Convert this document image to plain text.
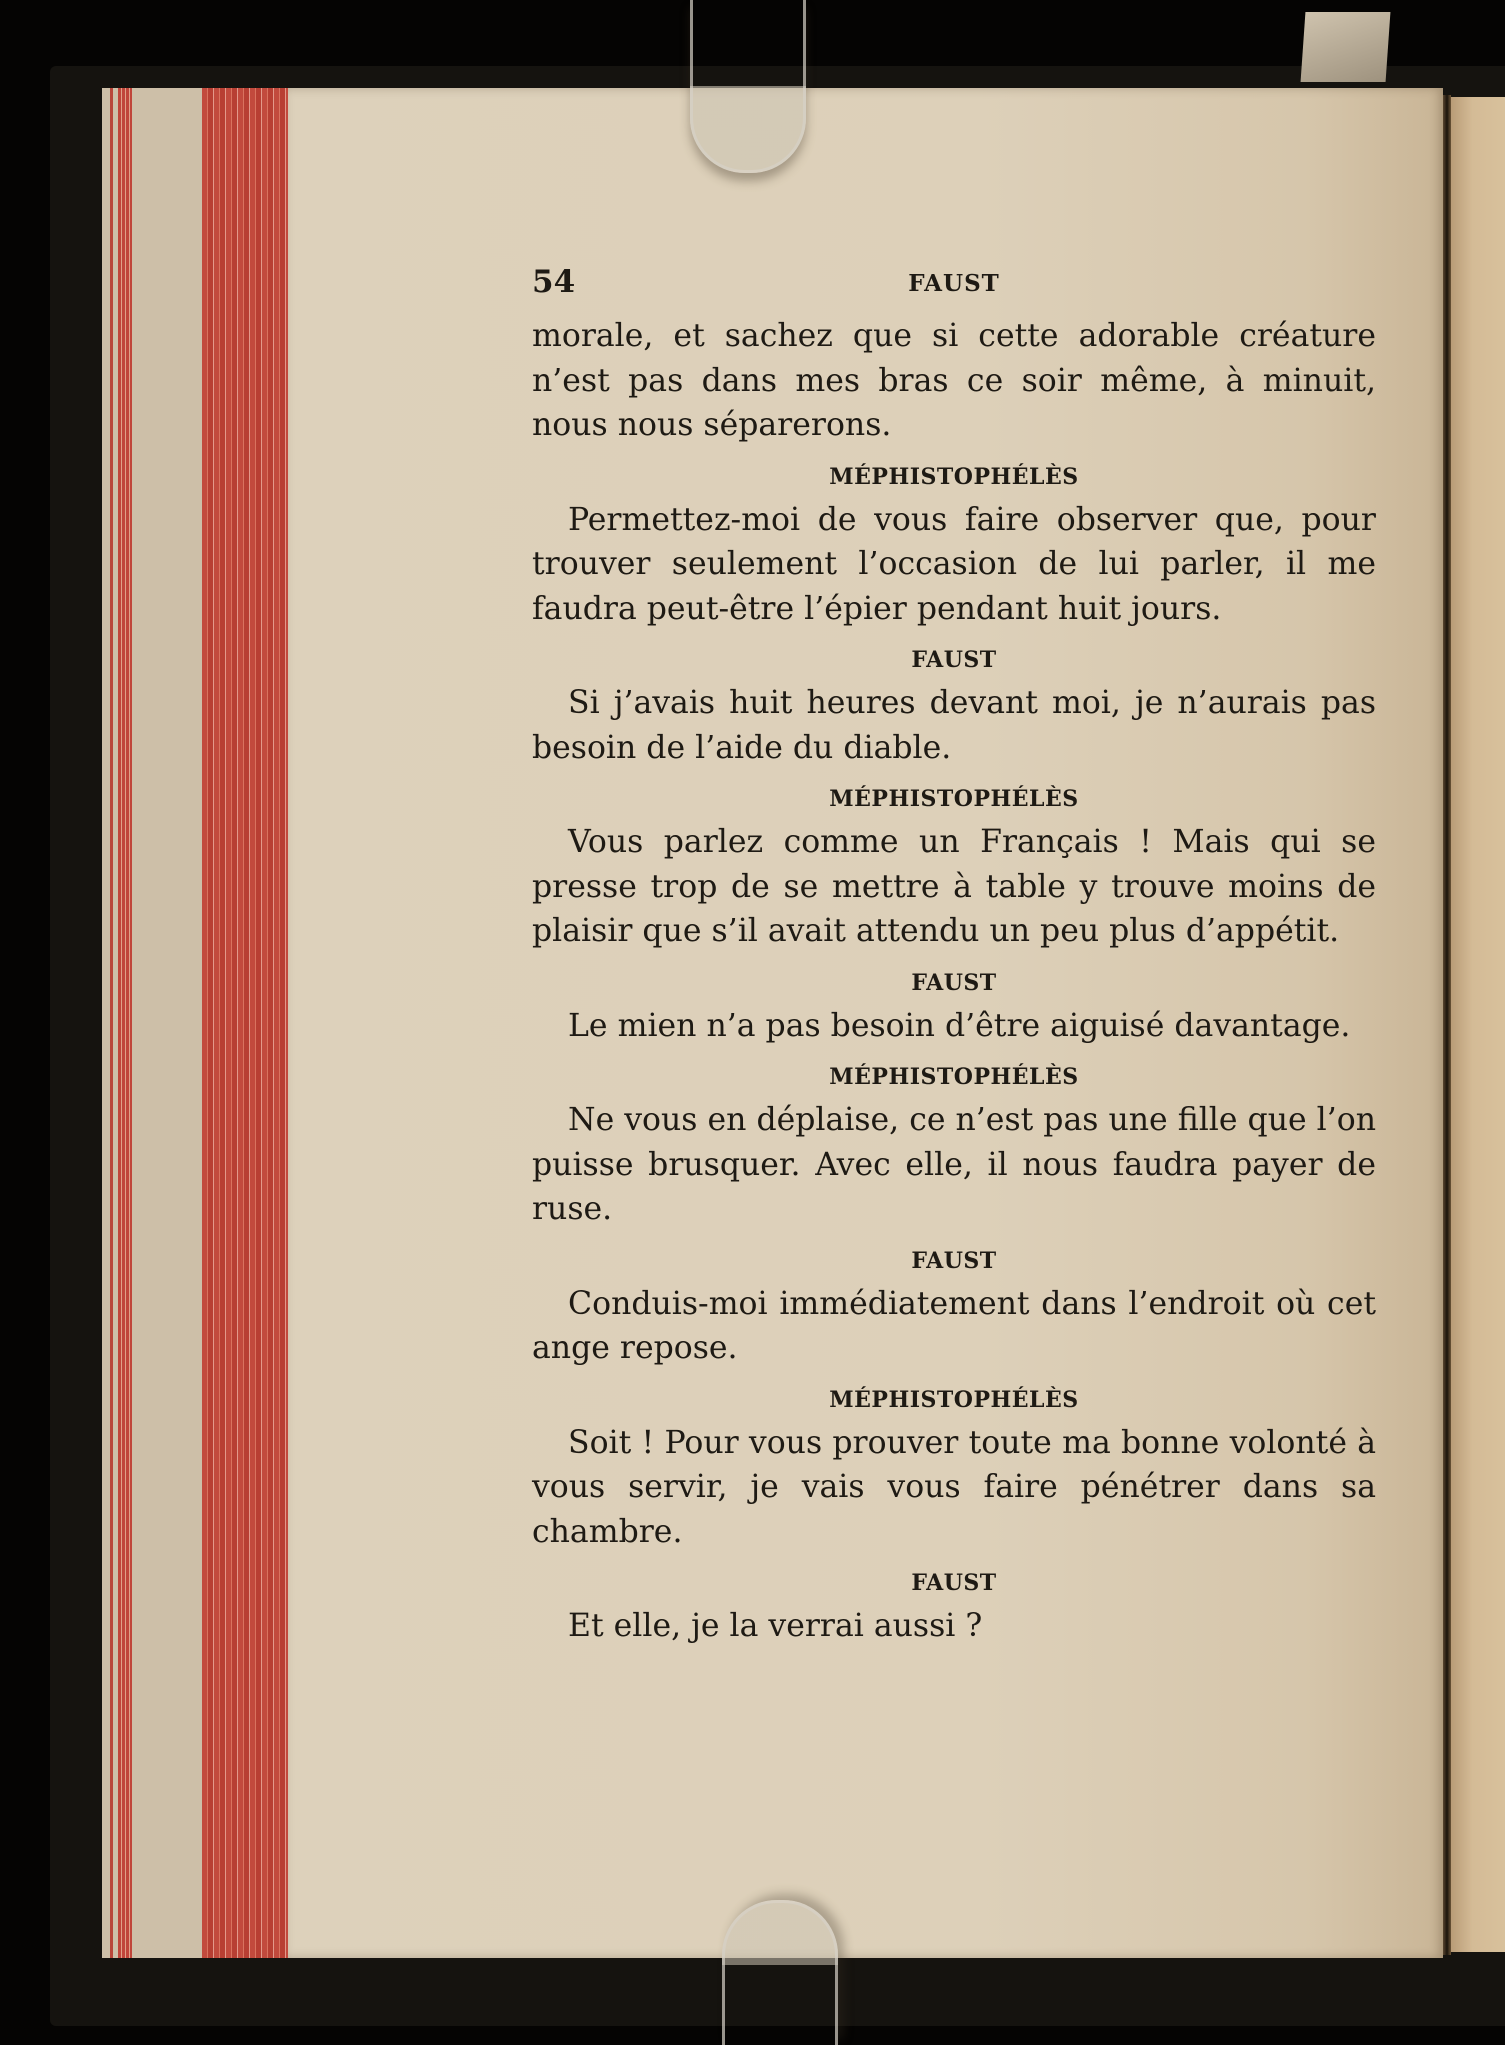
54	FAUST

morale, et sachez que si cette adorable créature n’est pas dans mes bras ce soir même, à minuit, nous nous séparerons.

MÉPHISTOPHÉLÈS

Permettez-moi de vous faire observer que, pour trouver seulement l’occasion de lui parler, il me faudra peut-être l’épier pendant huit jours.

FAUST

Si j’avais huit heures devant moi, je n’aurais pas besoin de l’aide du diable.

MÉPHISTOPHÉLÈS

Vous parlez comme un Français ! Mais qui se presse trop de se mettre à table y trouve moins de plaisir que s’il avait attendu un peu plus d’appétit.

FAUST

Le mien n’a pas besoin d’être aiguisé davantage.

MÉPHISTOPHÉLÈS

Ne vous en déplaise, ce n’est pas une fille que l’on puisse brusquer. Avec elle, il nous faudra payer de ruse.

FAUST

Conduis-moi immédiatement dans l’endroit où cet ange repose.

MÉPHISTOPHÉLÈS

Soit ! Pour vous prouver toute ma bonne volonté à vous servir, je vais vous faire pénétrer dans sa chambre.

FAUST

Et elle, je la verrai aussi ?
